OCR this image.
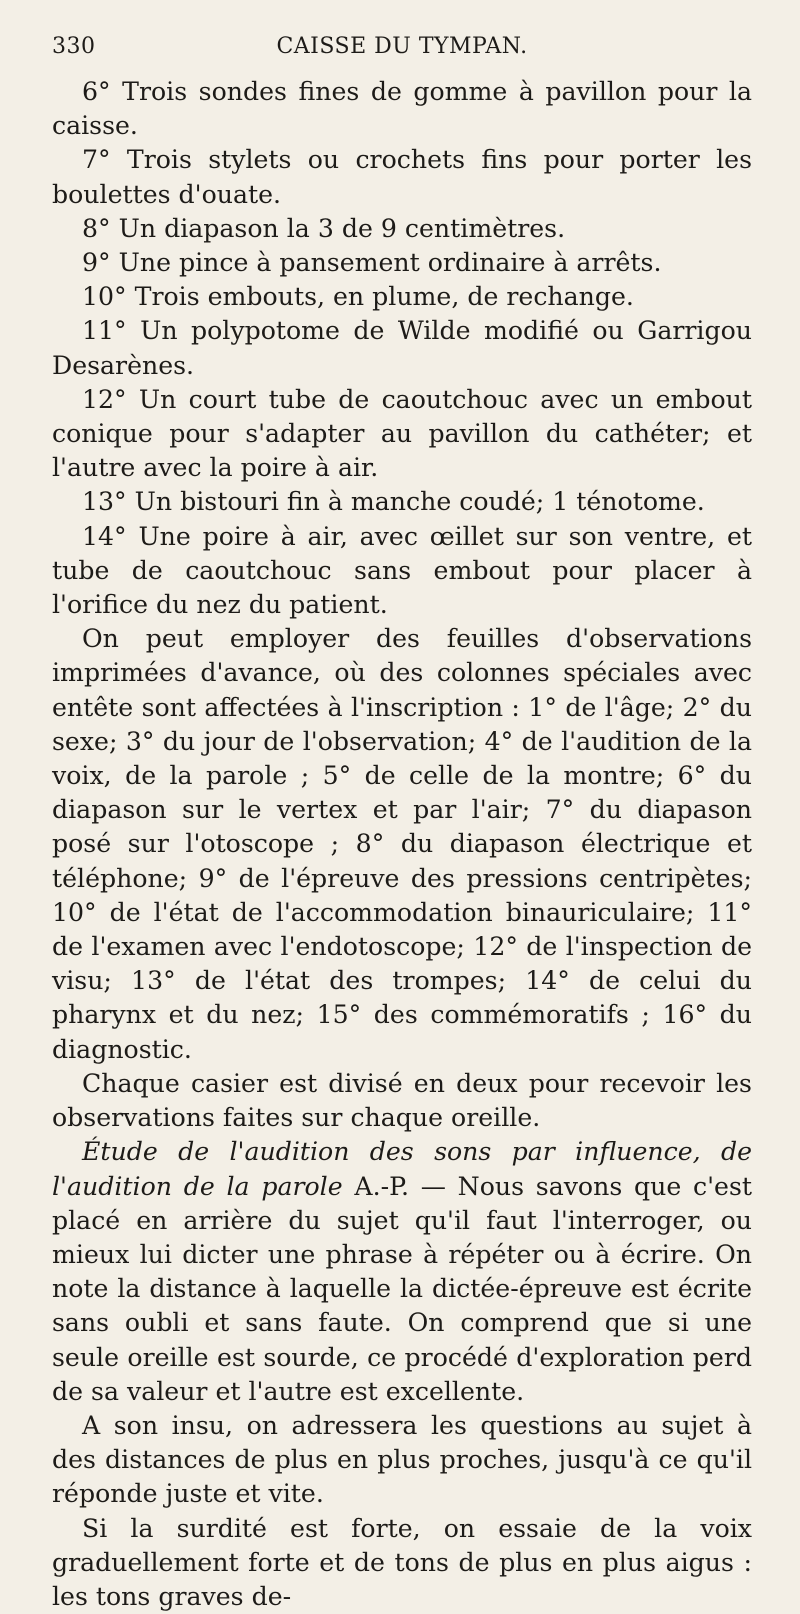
330	CAISSE DU TYMPAN.

6° Trois sondes fines de gomme à pavillon pour la caisse.

7° Trois stylets ou crochets fins pour porter les boulettes d'ouate.

8° Un diapason la 3 de 9 centimètres.

9° Une pince à pansement ordinaire à arrêts.

10° Trois embouts, en plume, de rechange.

11° Un polypotome de Wilde modifié ou Garrigou Desarènes.

12° Un court tube de caoutchouc avec un embout conique pour s'adapter au pavillon du cathéter; et l'autre avec la poire à air.

13° Un bistouri fin à manche coudé; 1 ténotome.

14° Une poire à air, avec œillet sur son ventre, et tube de caoutchouc sans embout pour placer à l'orifice du nez du patient.

On peut employer des feuilles d'observations imprimées d'avance, où des colonnes spéciales avec entête sont affectées à l'inscription : 1° de l'âge; 2° du sexe; 3° du jour de l'observation; 4° de l'audition de la voix, de la parole ; 5° de celle de la montre; 6° du diapason sur le vertex et par l'air; 7° du diapason posé sur l'otoscope ; 8° du diapason électrique et téléphone; 9° de l'épreuve des pressions centripètes; 10° de l'état de l'accommodation binauriculaire; 11° de l'examen avec l'endotoscope; 12° de l'inspection de visu; 13° de l'état des trompes; 14° de celui du pharynx et du nez; 15° des commémoratifs ; 16° du diagnostic.

Chaque casier est divisé en deux pour recevoir les observations faites sur chaque oreille.

Étude de l'audition des sons par influence, de l'audition de la parole A.-P. — Nous savons que c'est placé en arrière du sujet qu'il faut l'interroger, ou mieux lui dicter une phrase à répéter ou à écrire. On note la distance à laquelle la dictée-épreuve est écrite sans oubli et sans faute. On comprend que si une seule oreille est sourde, ce procédé d'exploration perd de sa valeur et l'autre est excellente.

A son insu, on adressera les questions au sujet à des distances de plus en plus proches, jusqu'à ce qu'il réponde juste et vite.

Si la surdité est forte, on essaie de la voix graduellement forte et de tons de plus en plus aigus : les tons graves de-
